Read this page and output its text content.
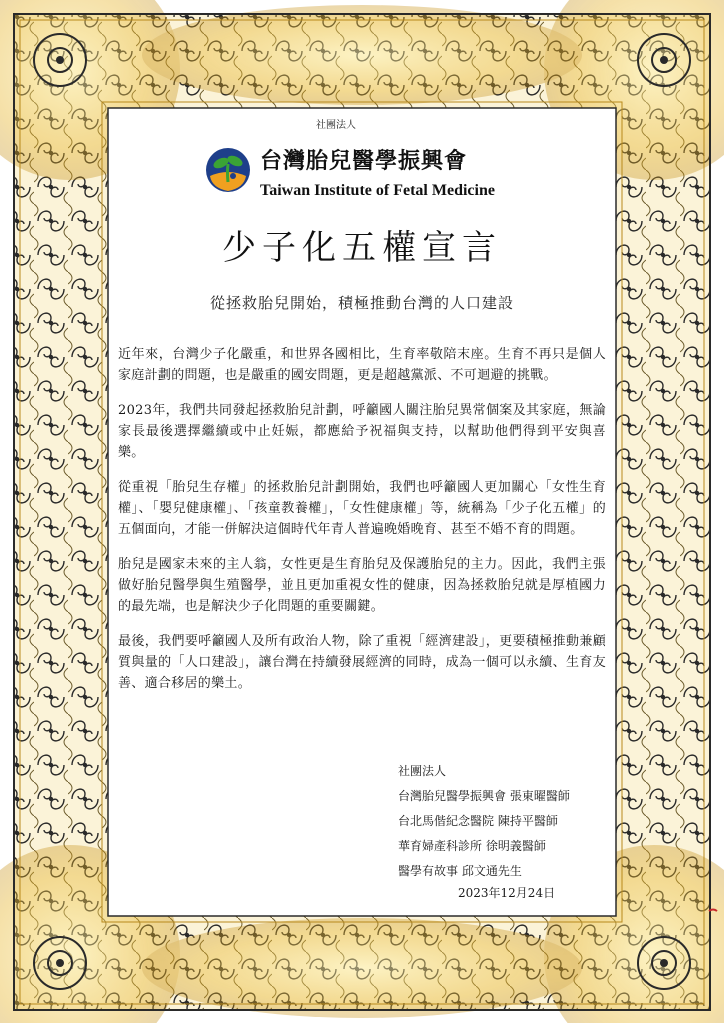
社團法人
台灣胎兒醫學振興會
Taiwan Institute of Fetal Medicine
少子化五權宣言
從拯救胎兒開始，積極推動台灣的人口建設

近年來，台灣少子化嚴重，和世界各國相比，生育率敬陪末座。生育不再只是個人家庭計劃的問題，也是嚴重的國安問題，更是超越黨派、不可迴避的挑戰。

2023年，我們共同發起拯救胎兒計劃，呼籲國人關注胎兒異常個案及其家庭，無論家長最後選擇繼續或中止妊娠，都應給予祝福與支持，以幫助他們得到平安與喜樂。

從重視「胎兒生存權」的拯救胎兒計劃開始，我們也呼籲國人更加關心「女性生育權」、「嬰兒健康權」、「孩童教養權」，「女性健康權」等，統稱為「少子化五權」的五個面向，才能一併解決這個時代年青人普遍晚婚晚育、甚至不婚不育的問題。

胎兒是國家未來的主人翁，女性更是生育胎兒及保護胎兒的主力。因此，我們主張做好胎兒醫學與生殖醫學，並且更加重視女性的健康，因為拯救胎兒就是厚植國力的最先端，也是解決少子化問題的重要關鍵。

最後，我們要呼籲國人及所有政治人物，除了重視「經濟建設」，更要積極推動兼顧質與量的「人口建設」，讓台灣在持續發展經濟的同時，成為一個可以永續、生育友善、適合移居的樂土。

社團法人
台灣胎兒醫學振興會 張東曜醫師
台北馬偕紀念醫院 陳持平醫師
華育婦產科診所 徐明義醫師
醫學有故事 邱文通先生
2023年12月24日
